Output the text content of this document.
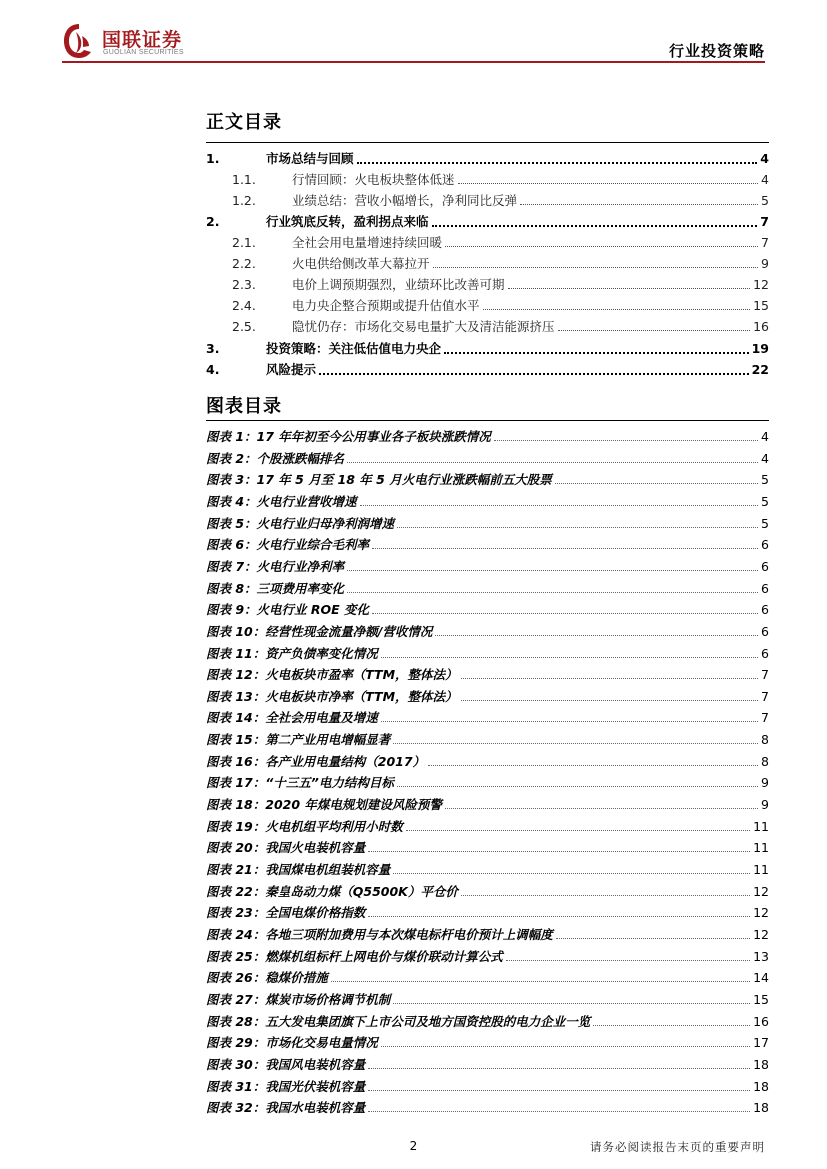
国联证券
GUOLIAN SECURITIES	行业投资策略
正文目录
1.	市场总结与回顾	4
1.1.	行情回顾：火电板块整体低迷	4
1.2.	业绩总结：营收小幅增长，净利同比反弹	5
2.	行业筑底反转，盈利拐点来临	7
2.1.	全社会用电量增速持续回暖	7
2.2.	火电供给侧改革大幕拉开	9
2.3.	电价上调预期强烈，业绩环比改善可期	12
2.4.	电力央企整合预期或提升估值水平	15
2.5.	隐忧仍存：市场化交易电量扩大及清洁能源挤压	16
3.	投资策略：关注低估值电力央企	19
4.	风险提示	22
图表目录
图表 1：17 年年初至今公用事业各子板块涨跌情况	4
图表 2：个股涨跌幅排名	4
图表 3：17 年 5 月至 18 年 5 月火电行业涨跌幅前五大股票	5
图表 4：火电行业营收增速	5
图表 5：火电行业归母净利润增速	5
图表 6：火电行业综合毛利率	6
图表 7：火电行业净利率	6
图表 8：三项费用率变化	6
图表 9：火电行业 ROE 变化	6
图表 10：经营性现金流量净额/营收情况	6
图表 11：资产负债率变化情况	6
图表 12：火电板块市盈率（TTM，整体法）	7
图表 13：火电板块市净率（TTM，整体法）	7
图表 14：全社会用电量及增速	7
图表 15：第二产业用电增幅显著	8
图表 16：各产业用电量结构（2017）	8
图表 17：“十三五”电力结构目标	9
图表 18：2020 年煤电规划建设风险预警	9
图表 19：火电机组平均利用小时数	11
图表 20：我国火电装机容量	11
图表 21：我国煤电机组装机容量	11
图表 22：秦皇岛动力煤（Q5500K）平仓价	12
图表 23：全国电煤价格指数	12
图表 24：各地三项附加费用与本次煤电标杆电价预计上调幅度	12
图表 25：燃煤机组标杆上网电价与煤价联动计算公式	13
图表 26：稳煤价措施	14
图表 27：煤炭市场价格调节机制	15
图表 28：五大发电集团旗下上市公司及地方国资控股的电力企业一览	16
图表 29：市场化交易电量情况	17
图表 30：我国风电装机容量	18
图表 31：我国光伏装机容量	18
图表 32：我国水电装机容量	18
2	请务必阅读报告末页的重要声明
